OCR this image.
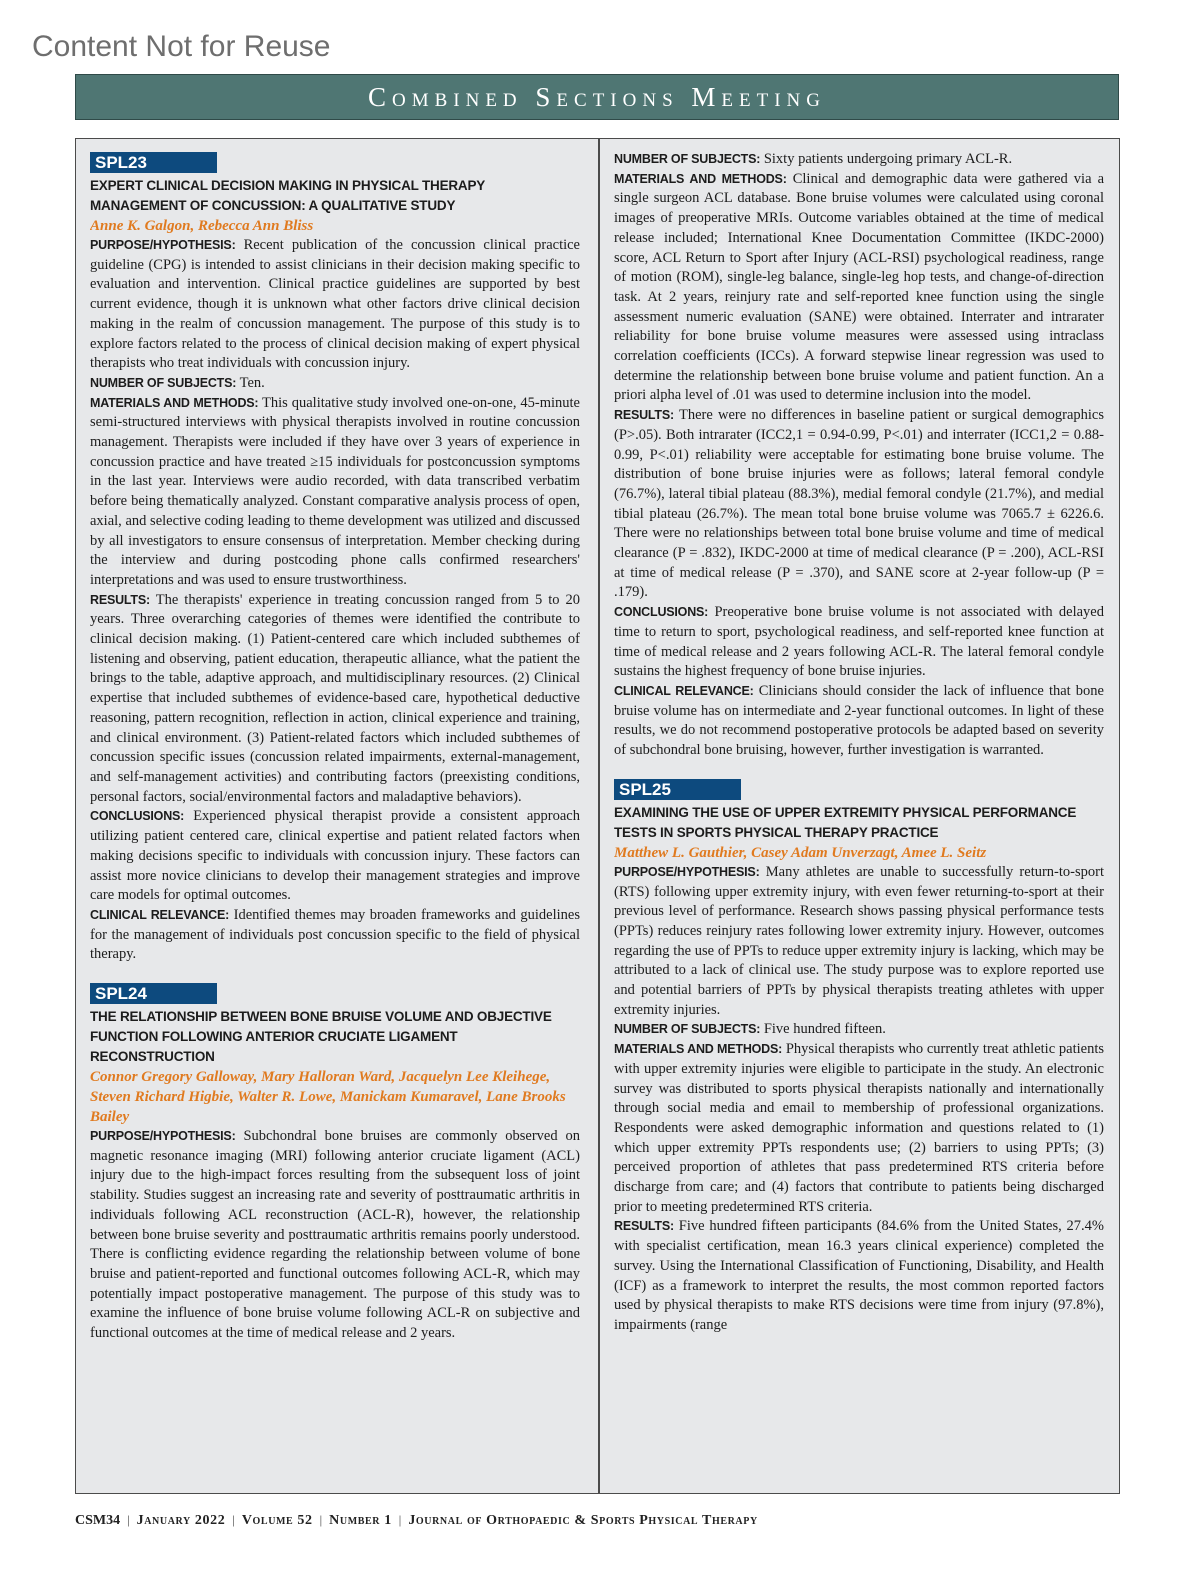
Content Not for Reuse
Combined Sections Meeting
SPL23
EXPERT CLINICAL DECISION MAKING IN PHYSICAL THERAPY MANAGEMENT OF CONCUSSION: A QUALITATIVE STUDY
Anne K. Galgon, Rebecca Ann Bliss

PURPOSE/HYPOTHESIS: Recent publication of the concussion clinical practice guideline (CPG) is intended to assist clinicians in their decision making specific to evaluation and intervention. Clinical practice guidelines are supported by best current evidence, though it is unknown what other factors drive clinical decision making in the realm of concussion management. The purpose of this study is to explore factors related to the process of clinical decision making of expert physical therapists who treat individuals with concussion injury.

NUMBER OF SUBJECTS: Ten.

MATERIALS AND METHODS: This qualitative study involved one-on-one, 45-minute semi-structured interviews with physical therapists involved in routine concussion management. Therapists were included if they have over 3 years of experience in concussion practice and have treated ≥15 individuals for postconcussion symptoms in the last year. Interviews were audio recorded, with data transcribed verbatim before being thematically analyzed. Constant comparative analysis process of open, axial, and selective coding leading to theme development was utilized and discussed by all investigators to ensure consensus of interpretation. Member checking during the interview and during postcoding phone calls confirmed researchers' interpretations and was used to ensure trustworthiness.

RESULTS: The therapists' experience in treating concussion ranged from 5 to 20 years. Three overarching categories of themes were identified the contribute to clinical decision making. (1) Patient-centered care which included subthemes of listening and observing, patient education, therapeutic alliance, what the patient the brings to the table, adaptive approach, and multidisciplinary resources. (2) Clinical expertise that included subthemes of evidence-based care, hypothetical deductive reasoning, pattern recognition, reflection in action, clinical experience and training, and clinical environment. (3) Patient-related factors which included subthemes of concussion specific issues (concussion related impairments, external-management, and self-management activities) and contributing factors (preexisting conditions, personal factors, social/environmental factors and maladaptive behaviors).

CONCLUSIONS: Experienced physical therapist provide a consistent approach utilizing patient centered care, clinical expertise and patient related factors when making decisions specific to individuals with concussion injury. These factors can assist more novice clinicians to develop their management strategies and improve care models for optimal outcomes.

CLINICAL RELEVANCE: Identified themes may broaden frameworks and guidelines for the management of individuals post concussion specific to the field of physical therapy.

SPL24
THE RELATIONSHIP BETWEEN BONE BRUISE VOLUME AND OBJECTIVE FUNCTION FOLLOWING ANTERIOR CRUCIATE LIGAMENT RECONSTRUCTION
Connor Gregory Galloway, Mary Halloran Ward, Jacquelyn Lee Kleihege, Steven Richard Higbie, Walter R. Lowe, Manickam Kumaravel, Lane Brooks Bailey

PURPOSE/HYPOTHESIS: Subchondral bone bruises are commonly observed on magnetic resonance imaging (MRI) following anterior cruciate ligament (ACL) injury due to the high-impact forces resulting from the subsequent loss of joint stability. Studies suggest an increasing rate and severity of posttraumatic arthritis in individuals following ACL reconstruction (ACL-R), however, the relationship between bone bruise severity and posttraumatic arthritis remains poorly understood. There is conflicting evidence regarding the relationship between volume of bone bruise and patient-reported and functional outcomes following ACL-R, which may potentially impact postoperative management. The purpose of this study was to examine the influence of bone bruise volume following ACL-R on subjective and functional outcomes at the time of medical release and 2 years.

NUMBER OF SUBJECTS: Sixty patients undergoing primary ACL-R.

MATERIALS AND METHODS: Clinical and demographic data were gathered via a single surgeon ACL database. Bone bruise volumes were calculated using coronal images of preoperative MRIs. Outcome variables obtained at the time of medical release included; International Knee Documentation Committee (IKDC-2000) score, ACL Return to Sport after Injury (ACL-RSI) psychological readiness, range of motion (ROM), single-leg balance, single-leg hop tests, and change-of-direction task. At 2 years, reinjury rate and self-reported knee function using the single assessment numeric evaluation (SANE) were obtained. Interrater and intrarater reliability for bone bruise volume measures were assessed using intraclass correlation coefficients (ICCs). A forward stepwise linear regression was used to determine the relationship between bone bruise volume and patient function. An a priori alpha level of .01 was used to determine inclusion into the model.

RESULTS: There were no differences in baseline patient or surgical demographics (P>.05). Both intrarater (ICC2,1 = 0.94-0.99, P<.01) and interrater (ICC1,2 = 0.88-0.99, P<.01) reliability were acceptable for estimating bone bruise volume. The distribution of bone bruise injuries were as follows; lateral femoral condyle (76.7%), lateral tibial plateau (88.3%), medial femoral condyle (21.7%), and medial tibial plateau (26.7%). The mean total bone bruise volume was 7065.7 ± 6226.6. There were no relationships between total bone bruise volume and time of medical clearance (P = .832), IKDC-2000 at time of medical clearance (P = .200), ACL-RSI at time of medical release (P = .370), and SANE score at 2-year follow-up (P = .179).

CONCLUSIONS: Preoperative bone bruise volume is not associated with delayed time to return to sport, psychological readiness, and self-reported knee function at time of medical release and 2 years following ACL-R. The lateral femoral condyle sustains the highest frequency of bone bruise injuries.

CLINICAL RELEVANCE: Clinicians should consider the lack of influence that bone bruise volume has on intermediate and 2-year functional outcomes. In light of these results, we do not recommend postoperative protocols be adapted based on severity of subchondral bone bruising, however, further investigation is warranted.

SPL25
EXAMINING THE USE OF UPPER EXTREMITY PHYSICAL PERFORMANCE TESTS IN SPORTS PHYSICAL THERAPY PRACTICE
Matthew L. Gauthier, Casey Adam Unverzagt, Amee L. Seitz

PURPOSE/HYPOTHESIS: Many athletes are unable to successfully return-to-sport (RTS) following upper extremity injury, with even fewer returning-to-sport at their previous level of performance. Research shows passing physical performance tests (PPTs) reduces reinjury rates following lower extremity injury. However, outcomes regarding the use of PPTs to reduce upper extremity injury is lacking, which may be attributed to a lack of clinical use. The study purpose was to explore reported use and potential barriers of PPTs by physical therapists treating athletes with upper extremity injuries.

NUMBER OF SUBJECTS: Five hundred fifteen.

MATERIALS AND METHODS: Physical therapists who currently treat athletic patients with upper extremity injuries were eligible to participate in the study. An electronic survey was distributed to sports physical therapists nationally and internationally through social media and email to membership of professional organizations. Respondents were asked demographic information and questions related to (1) which upper extremity PPTs respondents use; (2) barriers to using PPTs; (3) perceived proportion of athletes that pass predetermined RTS criteria before discharge from care; and (4) factors that contribute to patients being discharged prior to meeting predetermined RTS criteria.

RESULTS: Five hundred fifteen participants (84.6% from the United States, 27.4% with specialist certification, mean 16.3 years clinical experience) completed the survey. Using the International Classification of Functioning, Disability, and Health (ICF) as a framework to interpret the results, the most common reported factors used by physical therapists to make RTS decisions were time from injury (97.8%), impairments (range

CSM34 | January 2022 | Volume 52 | Number 1 | Journal of Orthopaedic & Sports Physical Therapy
